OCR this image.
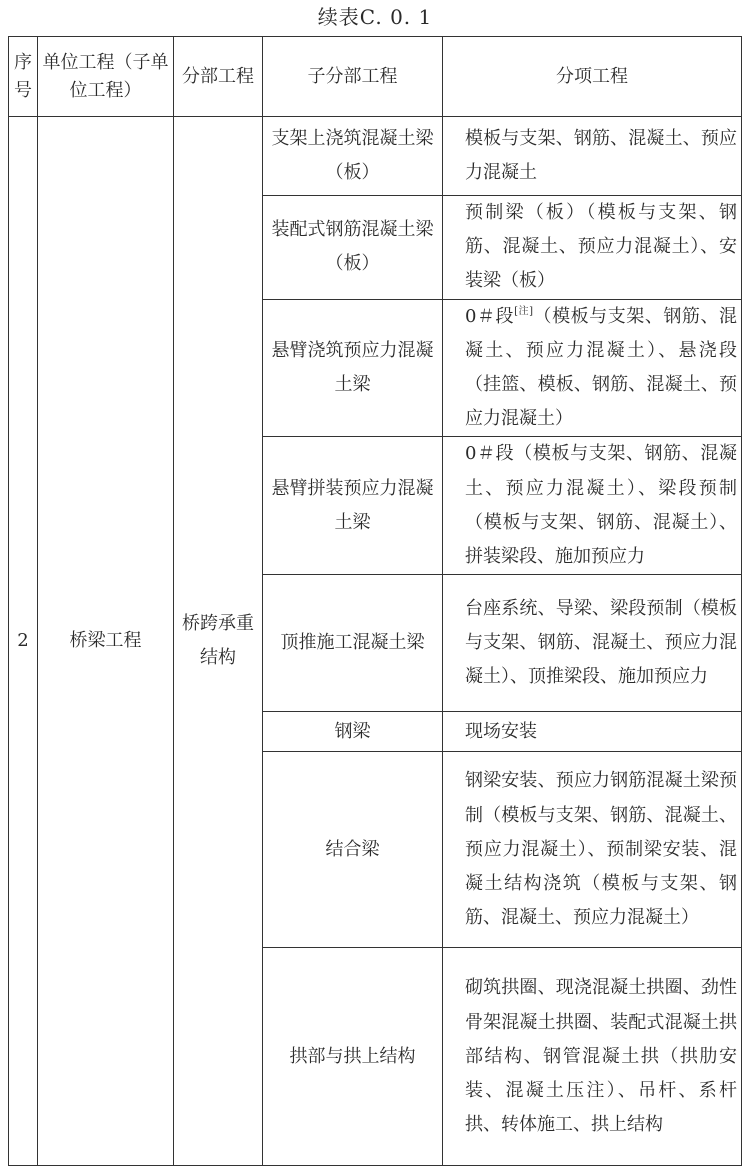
续表C. 0. 1
序号	单位工程（子单位工程）	分部工程	子分部工程	分项工程
2	桥梁工程	桥跨承重结构	支架上浇筑混凝土梁（板）	模板与支架、钢筋、混凝土、预应力混凝土

			装配式钢筋混凝土梁（板）	预制梁（板）（模板与支架、钢筋、混凝土、预应力混凝土）、安装梁（板）

			悬臂浇筑预应力混凝土梁	0＃段[注]（模板与支架、钢筋、混凝土、预应力混凝土）、悬浇段（挂篮、模板、钢筋、混凝土、预应力混凝土）

			悬臂拼装预应力混凝土梁	0＃段（模板与支架、钢筋、混凝土、预应力混凝土）、梁段预制（模板与支架、钢筋、混凝土）、拼装梁段、施加预应力

			顶推施工混凝土梁	台座系统、导梁、梁段预制（模板与支架、钢筋、混凝土、预应力混凝土）、顶推梁段、施加预应力

			钢梁	现场安装

			结合梁	钢梁安装、预应力钢筋混凝土梁预制（模板与支架、钢筋、混凝土、预应力混凝土）、预制梁安装、混凝土结构浇筑（模板与支架、钢筋、混凝土、预应力混凝土）

			拱部与拱上结构	砌筑拱圈、现浇混凝土拱圈、劲性骨架混凝土拱圈、装配式混凝土拱部结构、钢管混凝土拱（拱肋安装、混凝土压注）、吊杆、系杆拱、转体施工、拱上结构
